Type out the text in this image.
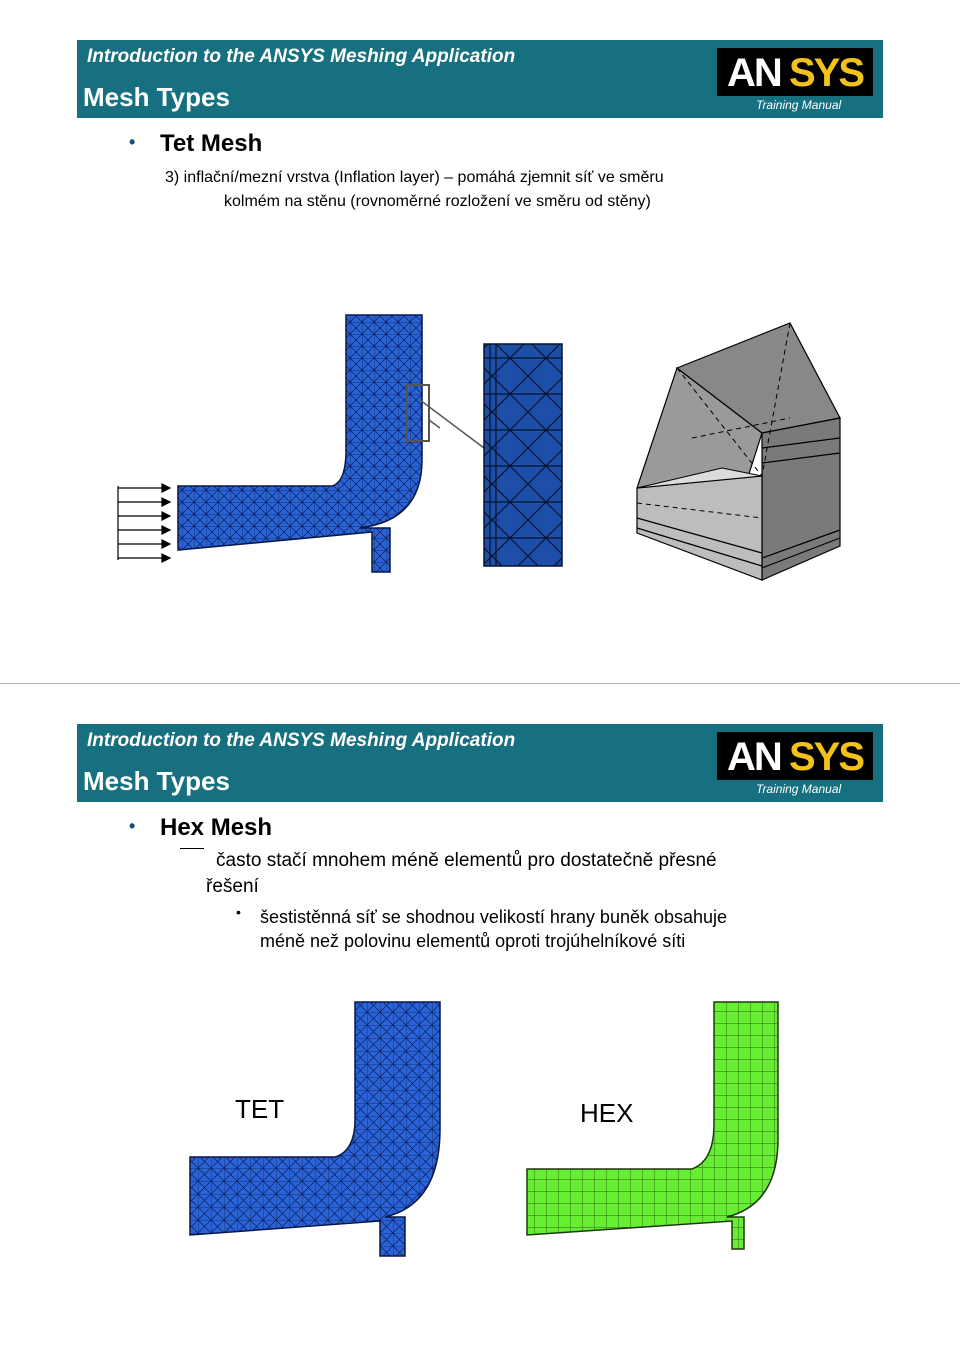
Introduction to the ANSYS Meshing Application
Mesh Types
AN SYS
Training Manual
• Tet Mesh
3) inflační/mezní vrstva (Inflation layer) – pomáhá zjemnit síť ve směru
kolmém na stěnu (rovnoměrné rozložení ve směru od stěny)
Introduction to the ANSYS Meshing Application
Mesh Types
AN SYS
Training Manual
• Hex Mesh
často stačí mnohem méně elementů pro dostatečně přesné
řešení
• šestistěnná síť se shodnou velikostí hrany buněk obsahuje
méně než polovinu elementů oproti trojúhelníkové síti
TET	HEX
